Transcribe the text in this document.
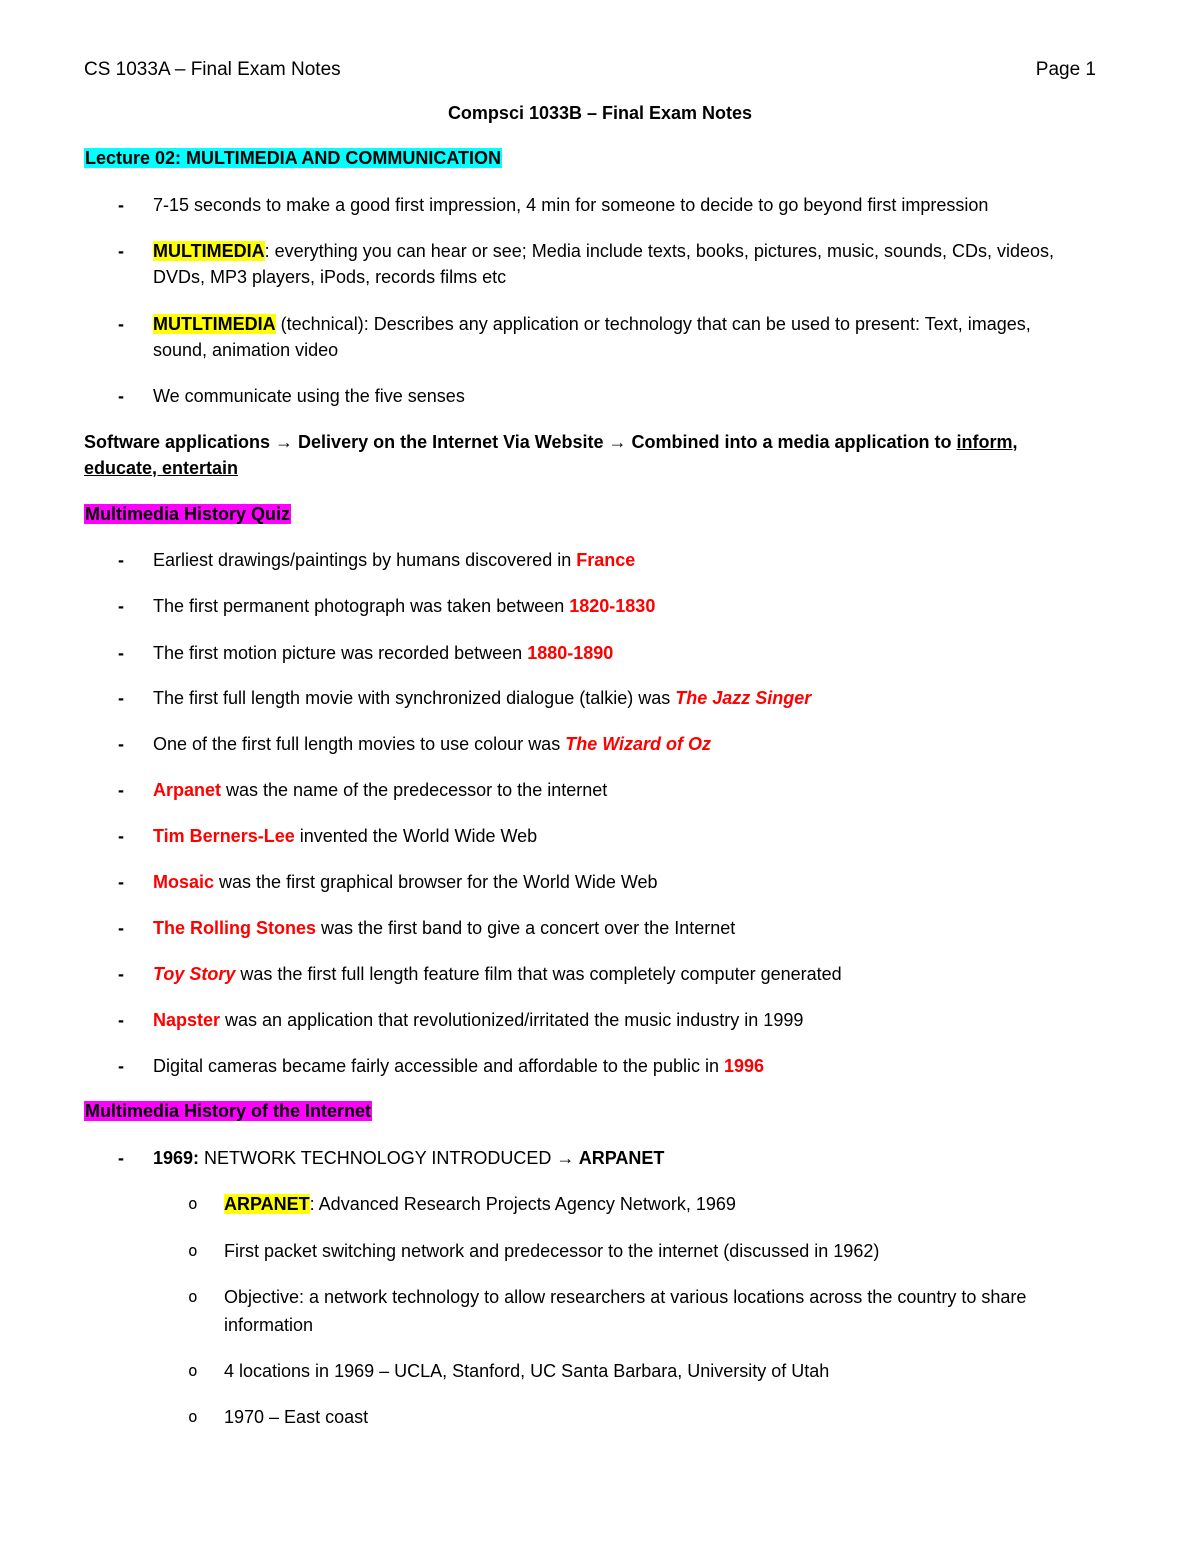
CS 1033A – Final Exam Notes	Page 1
Compsci 1033B – Final Exam Notes
Lecture 02: MULTIMEDIA AND COMMUNICATION
- 7-15 seconds to make a good first impression, 4 min for someone to decide to go beyond first impression
- MULTIMEDIA: everything you can hear or see; Media include texts, books, pictures, music, sounds, CDs, videos, DVDs, MP3 players, iPods, records films etc
- MUTLTIMEDIA (technical): Describes any application or technology that can be used to present: Text, images, sound, animation video
- We communicate using the five senses
Software applications → Delivery on the Internet Via Website → Combined into a media application to inform, educate, entertain
Multimedia History Quiz
- Earliest drawings/paintings by humans discovered in France
- The first permanent photograph was taken between 1820-1830
- The first motion picture was recorded between 1880-1890
- The first full length movie with synchronized dialogue (talkie) was The Jazz Singer
- One of the first full length movies to use colour was The Wizard of Oz
- Arpanet was the name of the predecessor to the internet
- Tim Berners-Lee invented the World Wide Web
- Mosaic was the first graphical browser for the World Wide Web
- The Rolling Stones was the first band to give a concert over the Internet
- Toy Story was the first full length feature film that was completely computer generated
- Napster was an application that revolutionized/irritated the music industry in 1999
- Digital cameras became fairly accessible and affordable to the public in 1996
Multimedia History of the Internet
- 1969: NETWORK TECHNOLOGY INTRODUCED → ARPANET
o ARPANET: Advanced Research Projects Agency Network, 1969
o First packet switching network and predecessor to the internet (discussed in 1962)
o Objective: a network technology to allow researchers at various locations across the country to share information
o 4 locations in 1969 – UCLA, Stanford, UC Santa Barbara, University of Utah
o 1970 – East coast
